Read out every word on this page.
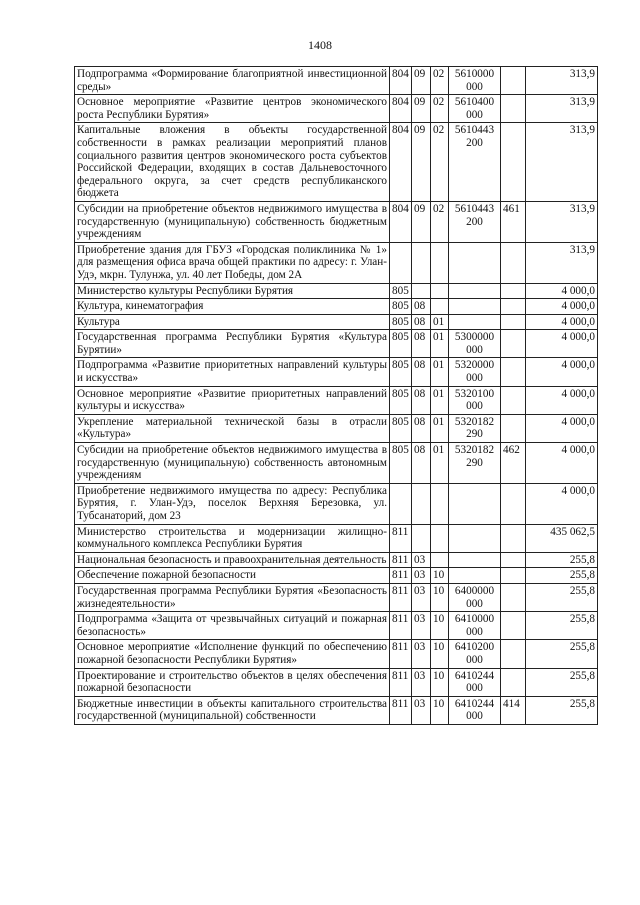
1408
Подпрограмма «Формирование благоприятной инвестиционной среды»	804	09	02	5610000 000		313,9
Основное мероприятие «Развитие центров экономического роста Республики Бурятия»	804	09	02	5610400 000		313,9
Капитальные вложения в объекты государственной собственности в рамках реализации мероприятий планов социального развития центров экономического роста субъектов Российской Федерации, входящих в состав Дальневосточного федерального округа, за счет средств республиканского бюджета	804	09	02	5610443 200		313,9
Субсидии на приобретение объектов недвижимого имущества в государственную (муниципальную) собственность бюджетным учреждениям	804	09	02	5610443 200	461	313,9
Приобретение здания для ГБУЗ «Городская поликлиника № 1» для размещения офиса врача общей практики по адресу: г. Улан-Удэ, мкрн. Тулунжа, ул. 40 лет Победы, дом 2А						313,9
Министерство культуры Республики Бурятия	805					4 000,0
Культура, кинематография	805	08				4 000,0
Культура	805	08	01			4 000,0
Государственная программа Республики Бурятия «Культура Бурятии»	805	08	01	5300000 000		4 000,0
Подпрограмма «Развитие приоритетных направлений культуры и искусства»	805	08	01	5320000 000		4 000,0
Основное мероприятие «Развитие приоритетных направлений культуры и искусства»	805	08	01	5320100 000		4 000,0
Укрепление материальной технической базы в отрасли «Культура»	805	08	01	5320182 290		4 000,0
Субсидии на приобретение объектов недвижимого имущества в государственную (муниципальную) собственность автономным учреждениям	805	08	01	5320182 290	462	4 000,0
Приобретение недвижимого имущества по адресу: Республика Бурятия, г. Улан-Удэ, поселок Верхняя Березовка, ул. Тубсанаторий, дом 23						4 000,0
Министерство строительства и модернизации жилищно-коммунального комплекса Республики Бурятия	811					435 062,5
Национальная безопасность и правоохранительная деятельность	811	03				255,8
Обеспечение пожарной безопасности	811	03	10			255,8
Государственная программа Республики Бурятия «Безопасность жизнедеятельности»	811	03	10	6400000 000		255,8
Подпрограмма «Защита от чрезвычайных ситуаций и пожарная безопасность»	811	03	10	6410000 000		255,8
Основное мероприятие «Исполнение функций по обеспечению пожарной безопасности Республики Бурятия»	811	03	10	6410200 000		255,8
Проектирование и строительство объектов в целях обеспечения пожарной безопасности	811	03	10	6410244 000		255,8
Бюджетные инвестиции в объекты капитального строительства государственной (муниципальной) собственности	811	03	10	6410244 000	414	255,8
